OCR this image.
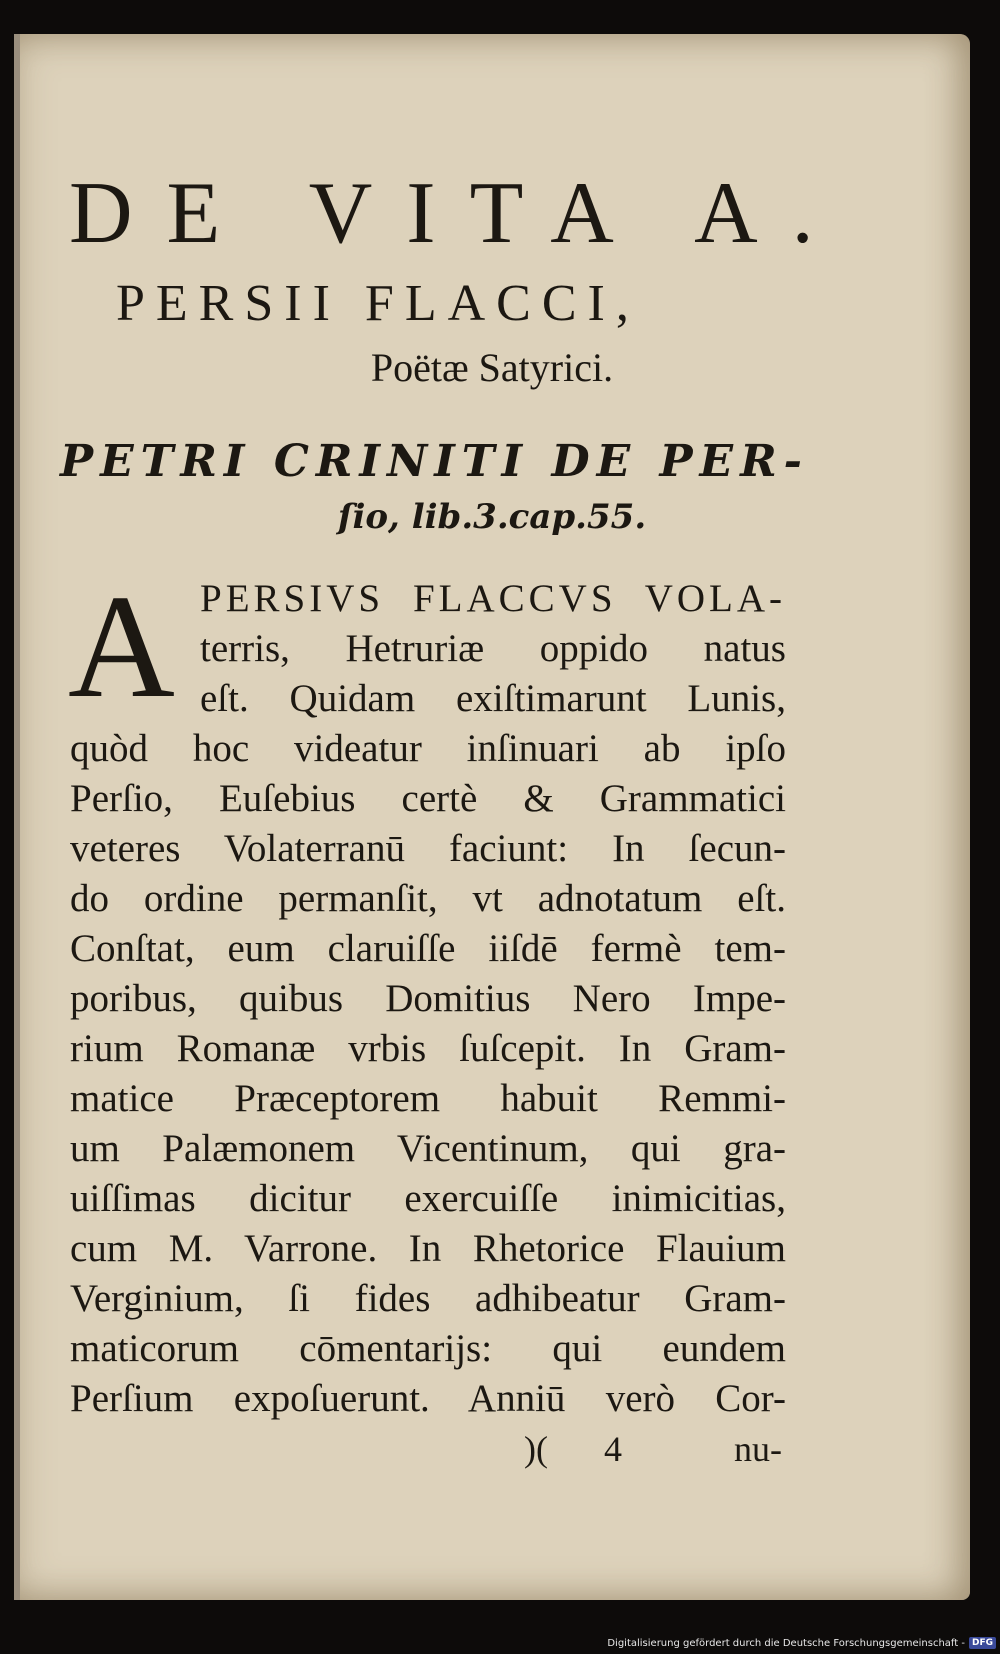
DE VITA A.
PERSII FLACCI,
Poëtæ Satyrici.
PETRI CRINITI DE PER-
ſio, lib.3.cap.55.
A PERSIVS FLACCVS VOLA-
terris, Hetruriæ oppido natus
eſt. Quidam exiſtimarunt Lunis,
quòd hoc videatur inſinuari ab ipſo
Perſio, Euſebius certè & Grammatici
veteres Volaterranū faciunt: In ſecun-
do ordine permanſit, vt adnotatum eſt.
Conſtat, eum claruiſſe iiſdē fermè tem-
poribus, quibus Domitius Nero Impe-
rium Romanæ vrbis ſuſcepit. In Gram-
matice Præceptorem habuit Remmi-
um Palæmonem Vicentinum, qui gra-
uiſſimas dicitur exercuiſſe inimicitias,
cum M. Varrone. In Rhetorice Flauium
Verginium, ſi fides adhibeatur Gram-
maticorum cōmentarijs: qui eundem
Perſium expoſuerunt. Anniū verò Cor-
)( 4	nu-
Digitalisierung gefördert durch die Deutsche Forschungsgemeinschaft - DFG
